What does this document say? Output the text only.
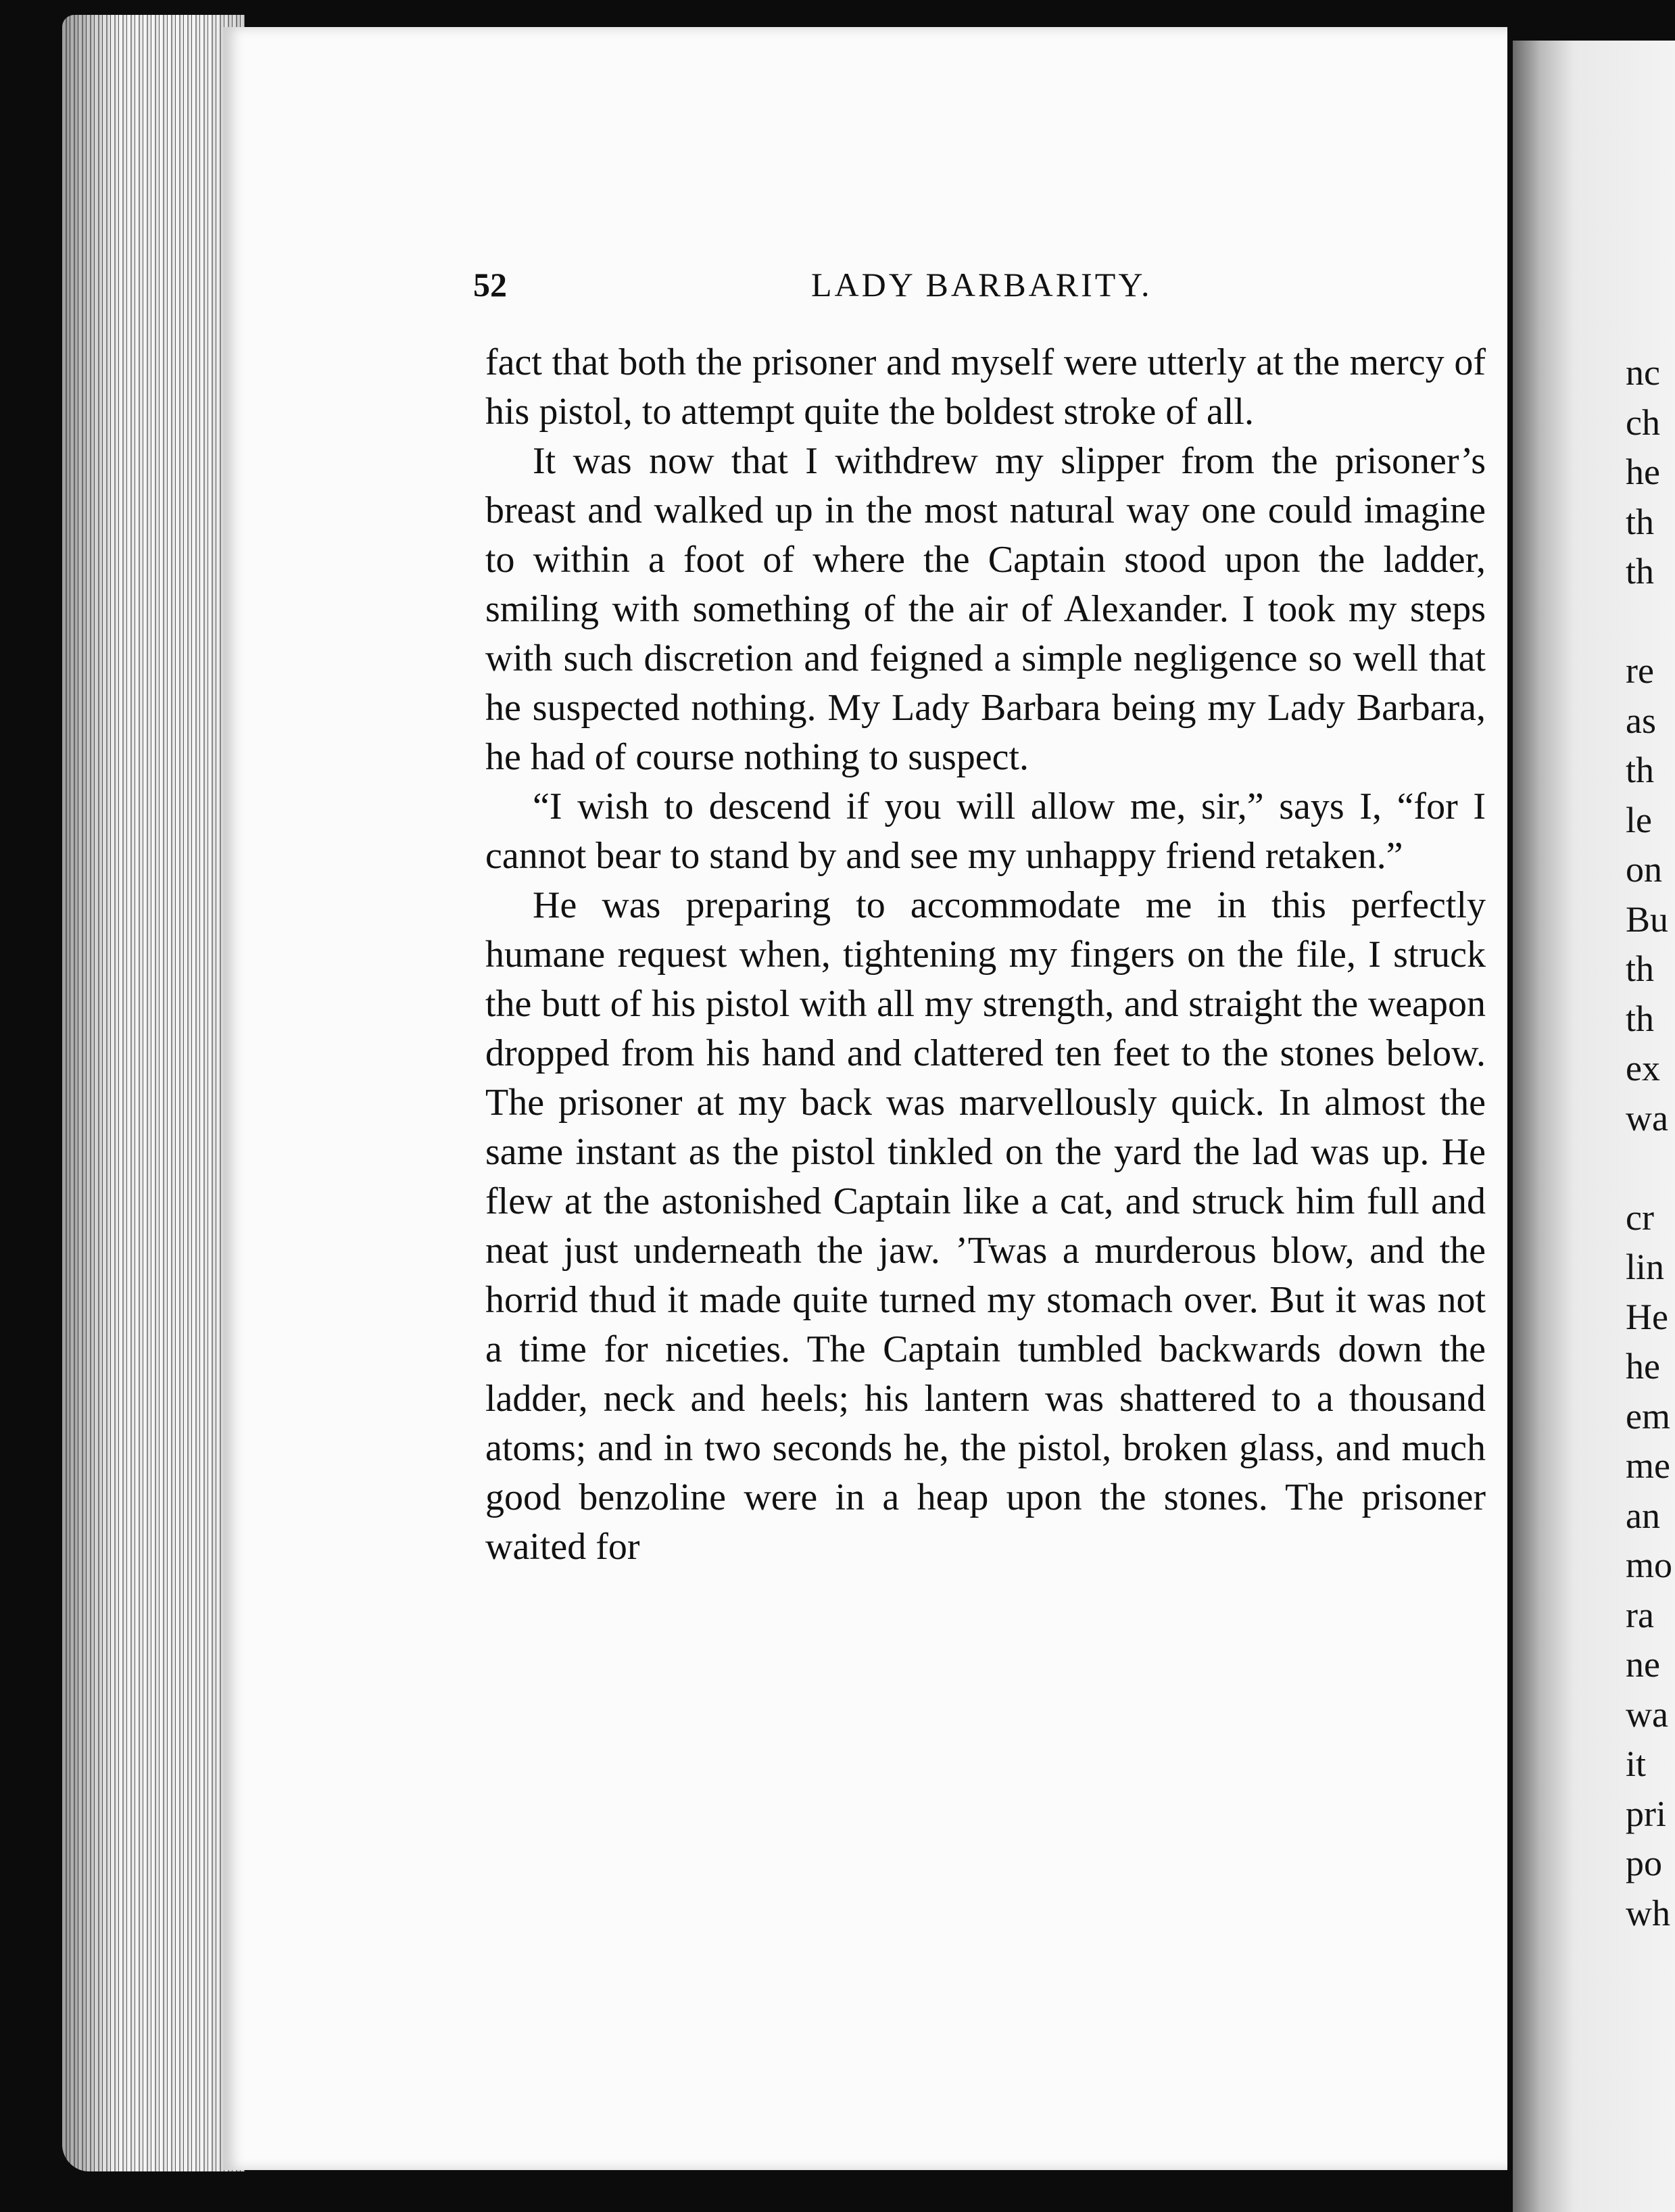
nc
ch
he
th
th
re
as
th
le
on
Bu
th
th
ex
wa
cr
lin
He
he
em
me
an
mo
ra
ne
wa
it
pri
po
wh
52	LADY BARBARITY.

fact that both the prisoner and myself were utterly at the mercy of his pistol, to attempt quite the boldest stroke of all.

It was now that I withdrew my slipper from the prisoner’s breast and walked up in the most natural way one could imagine to within a foot of where the Captain stood upon the ladder, smiling with something of the air of Alexander. I took my steps with such discretion and feigned a simple negligence so well that he suspected nothing. My Lady Barbara being my Lady Barbara, he had of course nothing to suspect.

“I wish to descend if you will allow me, sir,” says I, “for I cannot bear to stand by and see my unhappy friend retaken.”

He was preparing to accommodate me in this perfectly humane request when, tightening my fingers on the file, I struck the butt of his pistol with all my strength, and straight the weapon dropped from his hand and clattered ten feet to the stones below. The prisoner at my back was marvellously quick. In almost the same instant as the pistol tinkled on the yard the lad was up. He flew at the astonished Captain like a cat, and struck him full and neat just underneath the jaw. ’Twas a murderous blow, and the horrid thud it made quite turned my stomach over. But it was not a time for niceties. The Captain tumbled backwards down the ladder, neck and heels; his lantern was shattered to a thousand atoms; and in two seconds he, the pistol, broken glass, and much good benzoline were in a heap upon the stones. The prisoner waited for
